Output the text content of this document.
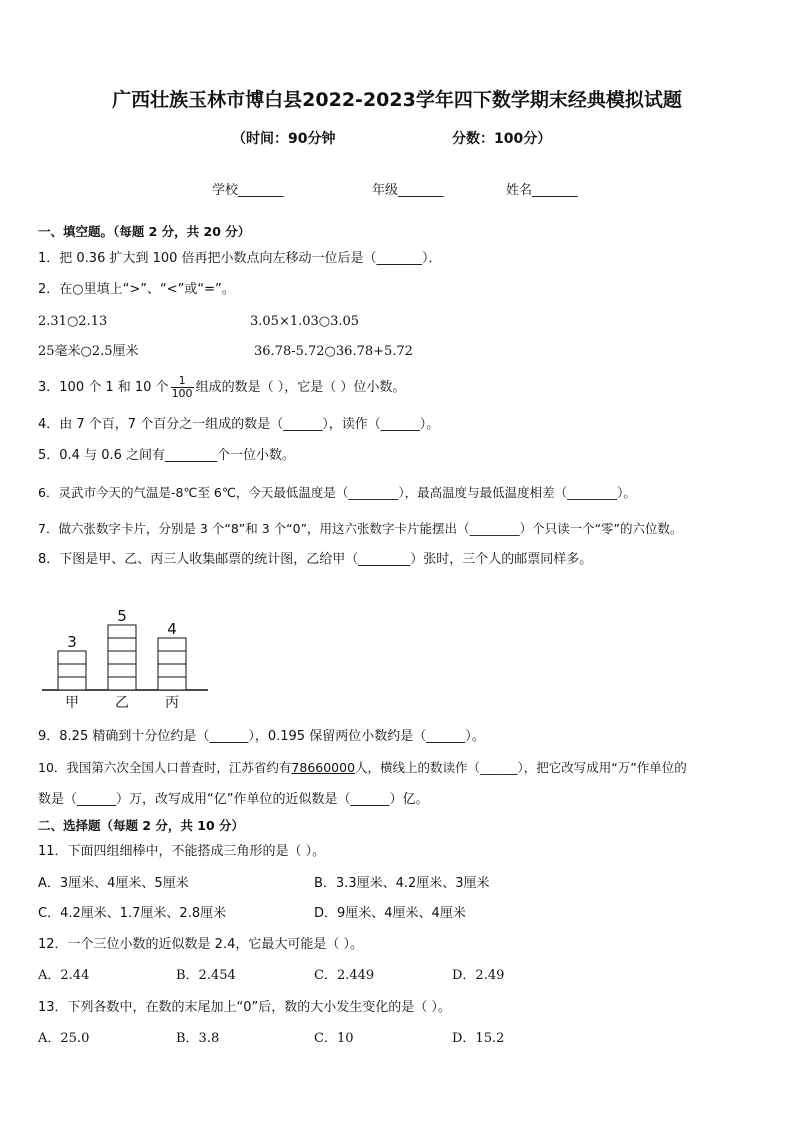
广西壮族玉林市博白县2022-2023学年四下数学期末经典模拟试题
（时间：90分钟	分数：100分）
学校_______	年级_______	姓名_______
一、填空题。（每题 2 分，共 20 分）
1．把 0.36 扩大到 100 倍再把小数点向左移动一位后是（_______）．
2．在○里填上“>”、“<”或“=”。
2.31○2.13	3.05×1.03○3.05
25毫米○2.5厘米	36.78-5.72○36.78+5.72
3．100 个 1 和 10 个 $\frac{1}{100}$ 组成的数是（ ），它是（ ）位小数。
4．由 7 个百，7 个百分之一组成的数是（______），读作（______）。
5．0.4 与 0.6 之间有________个一位小数。
6．灵武市今天的气温是-8℃至 6℃，今天最低温度是（________），最高温度与最低温度相差（________）。
7．做六张数字卡片，分别是 3 个“8”和 3 个“0”，用这六张数字卡片能摆出（________）个只读一个“零”的六位数。
8．下图是甲、乙、丙三人收集邮票的统计图，乙给甲（________）张时，三个人的邮票同样多。
3
甲
5
乙
4
丙
9．8.25 精确到十分位约是（______），0.195 保留两位小数约是（______）。
10．我国第六次全国人口普查时，江苏省约有78660000人，横线上的数读作（______），把它改写成用“万”作单位的
数是（______）万，改写成用“亿”作单位的近似数是（______）亿。
二、选择题（每题 2 分，共 10 分）
11．下面四组细棒中，不能搭成三角形的是（ ）。
A．3厘米、4厘米、5厘米	B．3.3厘米、4.2厘米、3厘米
C．4.2厘米、1.7厘米、2.8厘米	D．9厘米、4厘米、4厘米
12．一个三位小数的近似数是 2.4，它最大可能是（ ）。
A．2.44	B．2.454	C．2.449	D．2.49
13．下列各数中，在数的末尾加上“0”后，数的大小发生变化的是（ ）。
A．25.0	B．3.8	C．10	D．15.2
